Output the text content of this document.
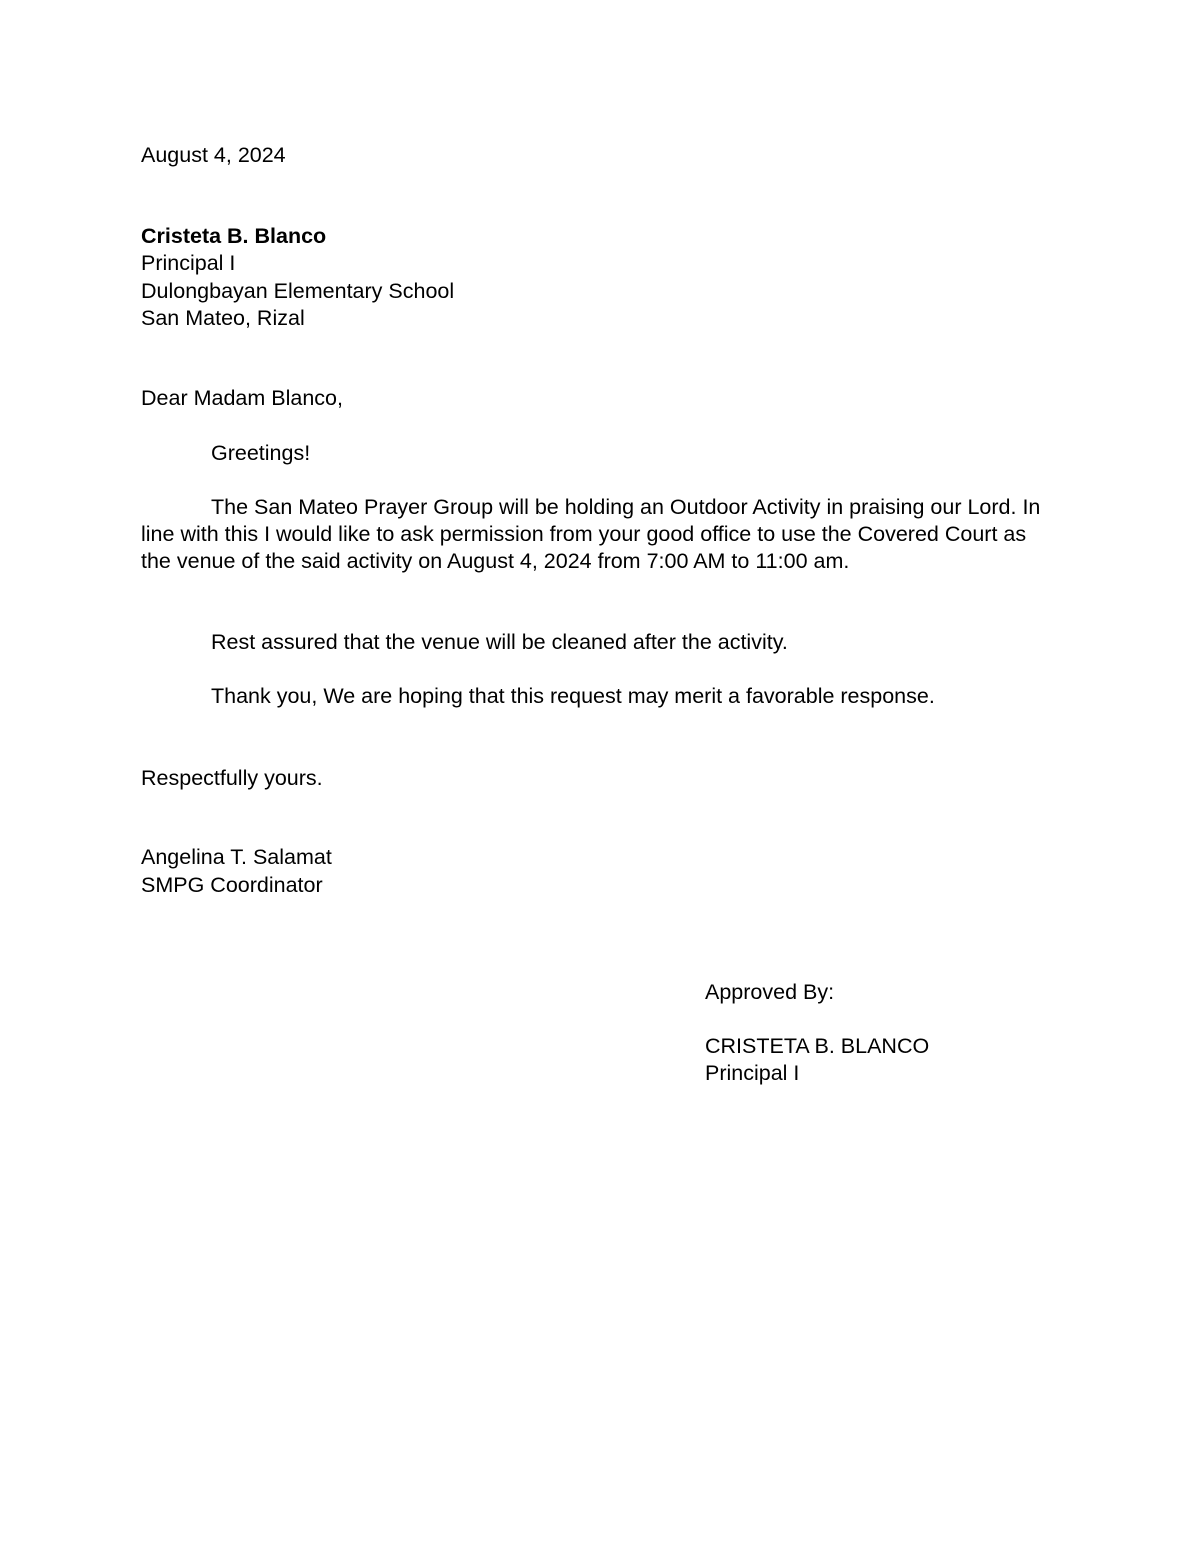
August 4, 2024

Cristeta B. Blanco

Principal I

Dulongbayan Elementary School

San Mateo, Rizal

Dear Madam Blanco,

Greetings!

The San Mateo Prayer Group will be holding an Outdoor Activity in praising our Lord. In line with this I would like to ask permission from your good office to use the Covered Court as the venue of the said activity on August 4, 2024 from 7:00 AM to 11:00 am.

Rest assured that the venue will be cleaned after the activity.

Thank you, We are hoping that this request may merit a favorable response.

Respectfully yours.

Angelina T. Salamat

SMPG Coordinator

Approved By:

CRISTETA B. BLANCO

Principal I
